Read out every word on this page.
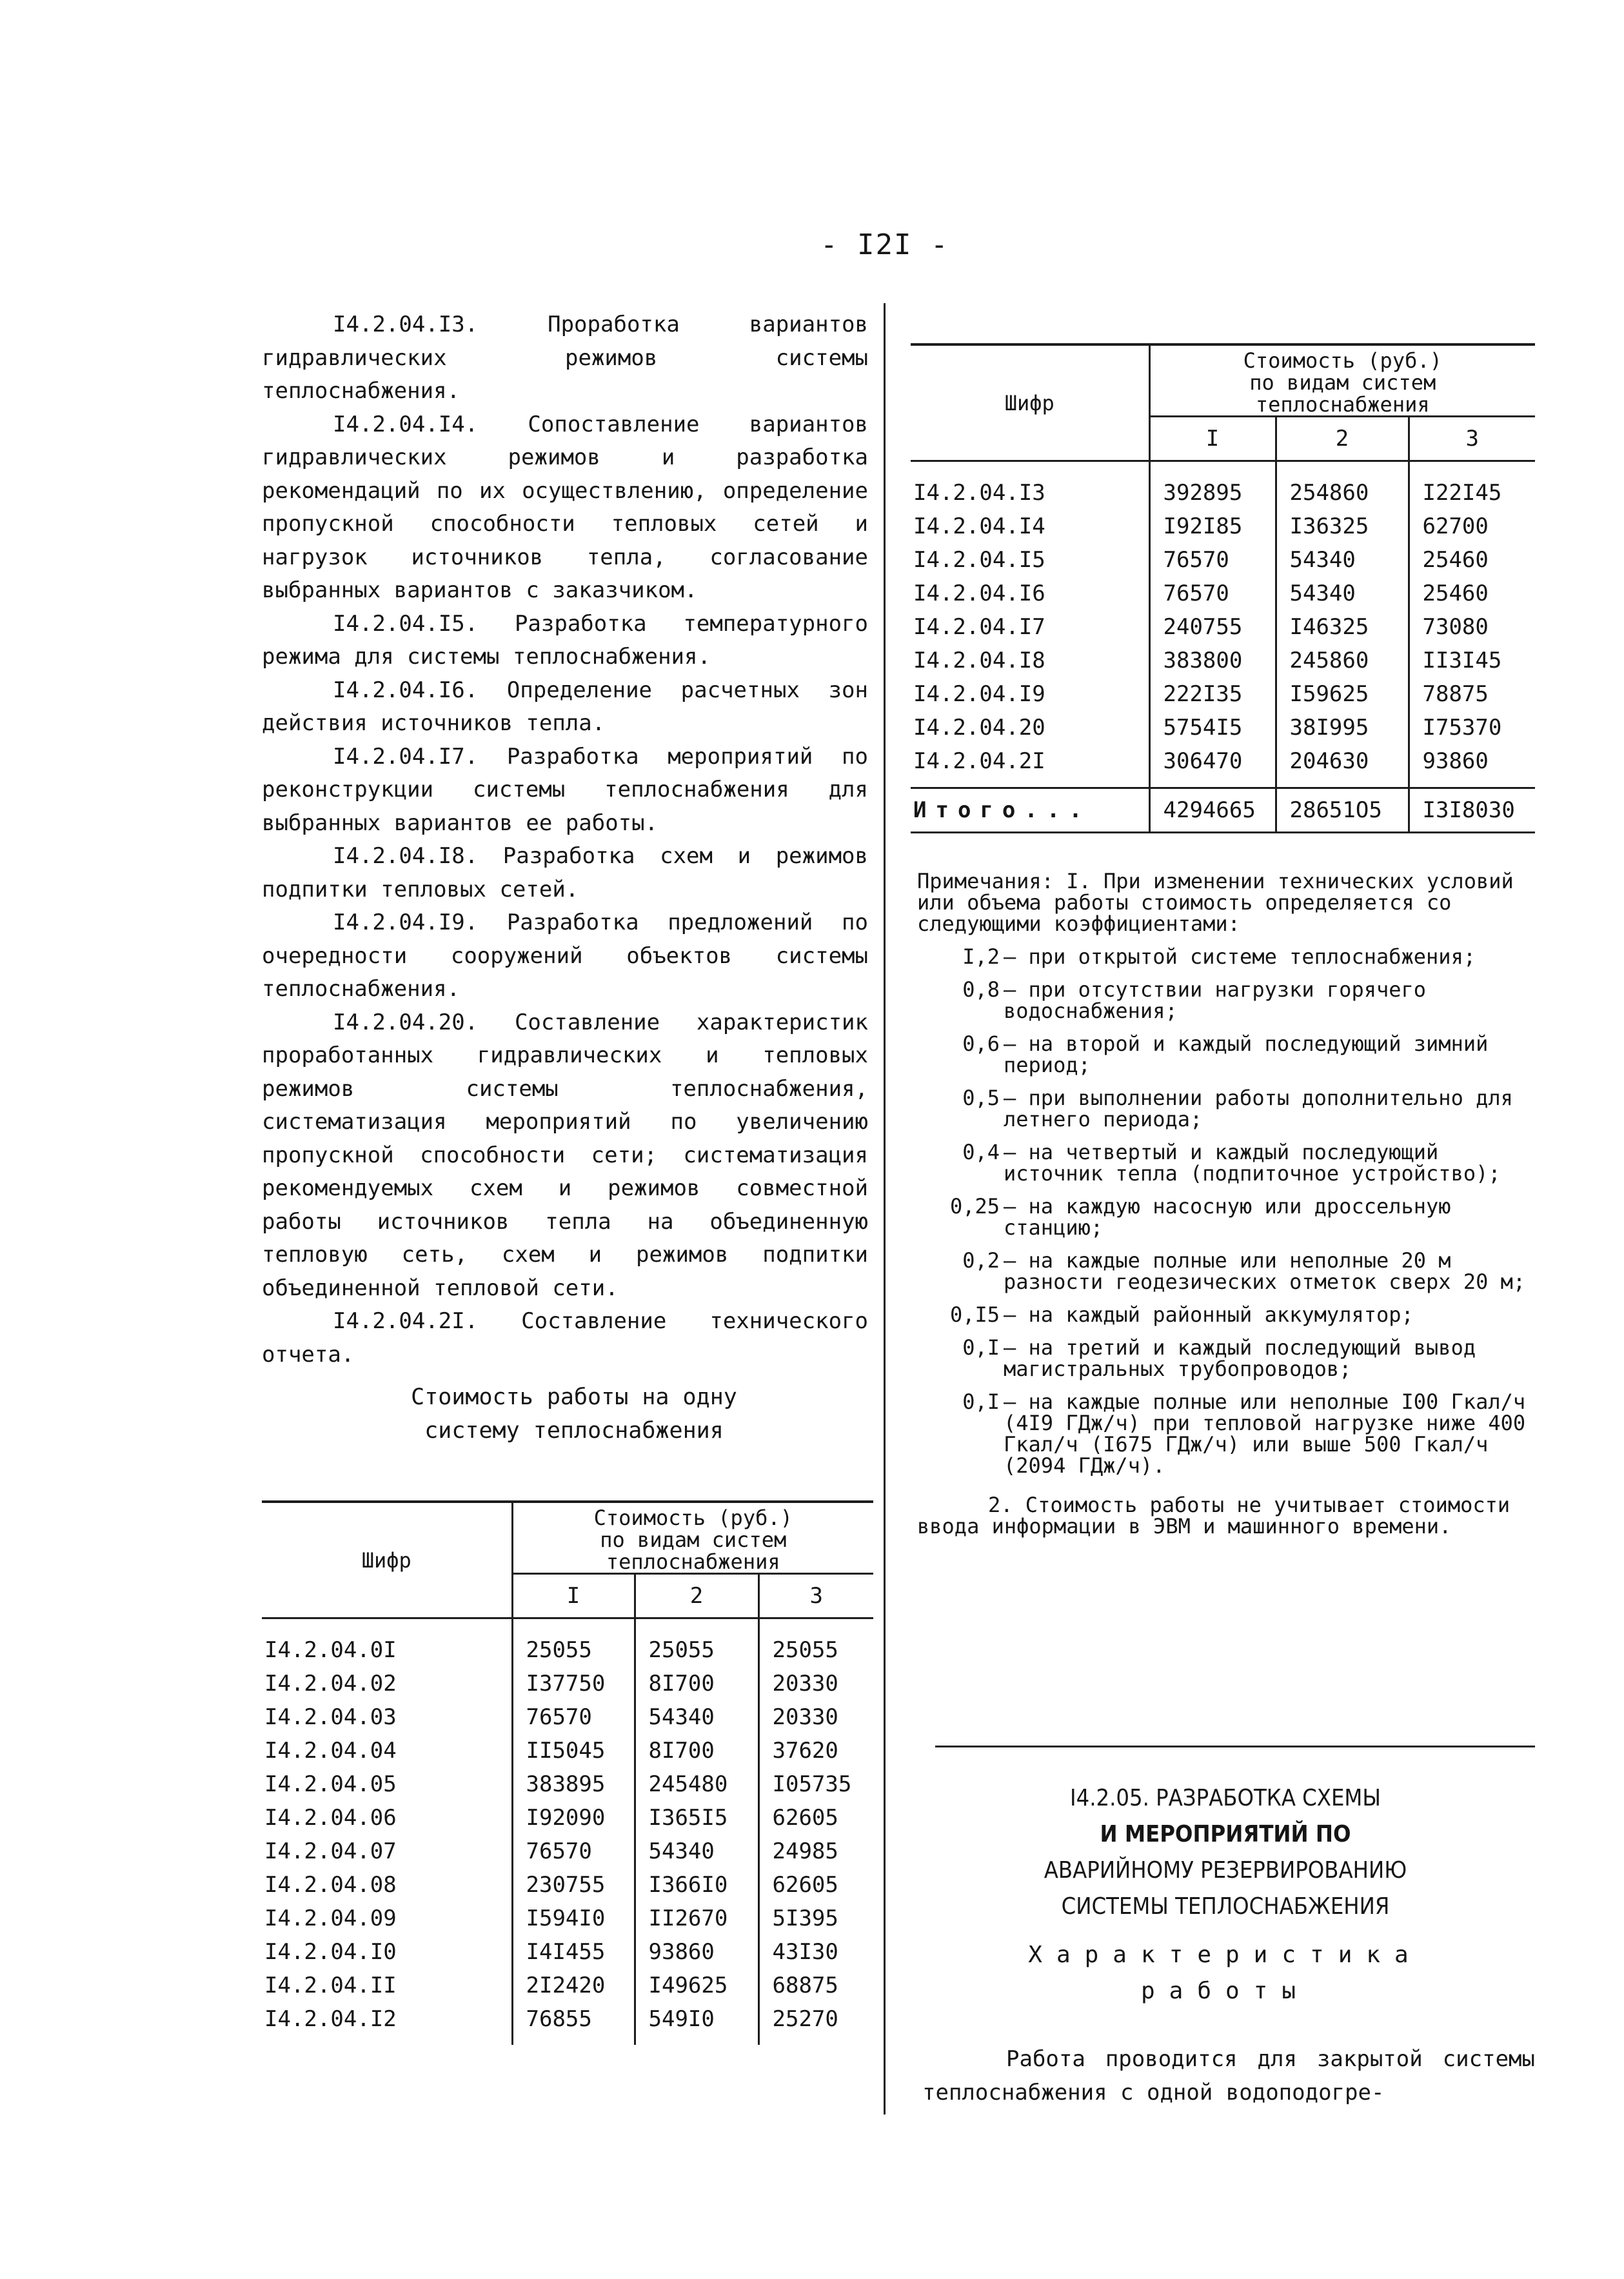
- I2I -

I4.2.04.I3. Проработка вариантов гидравлических режимов системы теплоснабжения.

I4.2.04.I4. Сопоставление вариантов гидравлических режимов и разработка рекомендаций по их осуществлению, определение пропускной способности тепловых сетей и нагрузок источников тепла, согласование выбранных вариантов с заказчиком.

I4.2.04.I5. Разработка температурного режима для системы теплоснабжения.

I4.2.04.I6. Определение расчетных зон действия источников тепла.

I4.2.04.I7. Разработка мероприятий по реконструкции системы теплоснабжения для выбранных вариантов ее работы.

I4.2.04.I8. Разработка схем и режимов подпитки тепловых сетей.

I4.2.04.I9. Разработка предложений по очередности сооружений объектов системы теплоснабжения.

I4.2.04.20. Составление характеристик проработанных гидравлических и тепловых режимов системы теплоснабжения, систематизация мероприятий по увеличению пропускной способности сети; систематизация рекомендуемых схем и режимов совместной работы источников тепла на объединенную тепловую сеть, схем и режимов подпитки объединенной тепловой сети.

I4.2.04.2I. Составление технического отчета.

Стоимость работы на одну
систему теплоснабжения
Шифр	Стоимость (руб.)
по видам систем
теплоснабжения		

	I	2	3
I4.2.04.0I	25055	25055	25055
I4.2.04.02	I37750	8I700	20330
I4.2.04.03	76570	54340	20330
I4.2.04.04	II5045	8I700	37620
I4.2.04.05	383895	245480	I05735
I4.2.04.06	I92090	I365I5	62605
I4.2.04.07	76570	54340	24985
I4.2.04.08	230755	I366I0	62605
I4.2.04.09	I594I0	II2670	5I395
I4.2.04.I0	I4I455	93860	43I30
I4.2.04.II	2I2420	I49625	68875
I4.2.04.I2	76855	549I0	25270
Шифр	Стоимость (руб.)
по видам систем
теплоснабжения		

	I	2	3
I4.2.04.I3	392895	254860	I22I45
I4.2.04.I4	I92I85	I36325	62700
I4.2.04.I5	76570	54340	25460
I4.2.04.I6	76570	54340	25460
I4.2.04.I7	240755	I46325	73080
I4.2.04.I8	383800	245860	II3I45
I4.2.04.I9	222I35	I59625	78875
I4.2.04.20	5754I5	38I995	I75370
I4.2.04.2I	306470	204630	93860
Итого...	4294665	28651O5	I3I8030

Примечания: I. При изменении технических условий или объема работы стоимость определяется со следующими коэффициентами:

I,2 – при открытой системе теплоснабжения;
0,8 – при отсутствии нагрузки горячего водоснабжения;
0,6 – на второй и каждый последующий зимний период;
0,5 – при выполнении работы дополнительно для летнего периода;
0,4 – на четвертый и каждый последующий источник тепла (подпиточное устройство);
0,25 – на каждую насосную или дроссельную станцию;
0,2 – на каждые полные или неполные 20 м разности геодезических отметок сверх 20 м;
0,I5 – на каждый районный аккумулятор;
0,I – на третий и каждый последующий вывод магистральных трубопроводов;
0,I – на каждые полные или неполные I00 Гкал/ч (4I9 ГДж/ч) при тепловой нагрузке ниже 400 Гкал/ч (I675 ГДж/ч) или выше 500 Гкал/ч (2094 ГДж/ч).

2. Стоимость работы не учитывает стоимости ввода информации в ЭВМ и машинного времени.

I4.2.05. РАЗРАБОТКА СХЕМЫ
И МЕРОПРИЯТИЙ ПО
АВАРИЙНОМУ РЕЗЕРВИРОВАНИЮ
СИСТЕМЫ ТЕПЛОСНАБЖЕНИЯ
Характеристика
работы

Работа проводится для закрытой системы теплоснабжения с одной водоподогре-
